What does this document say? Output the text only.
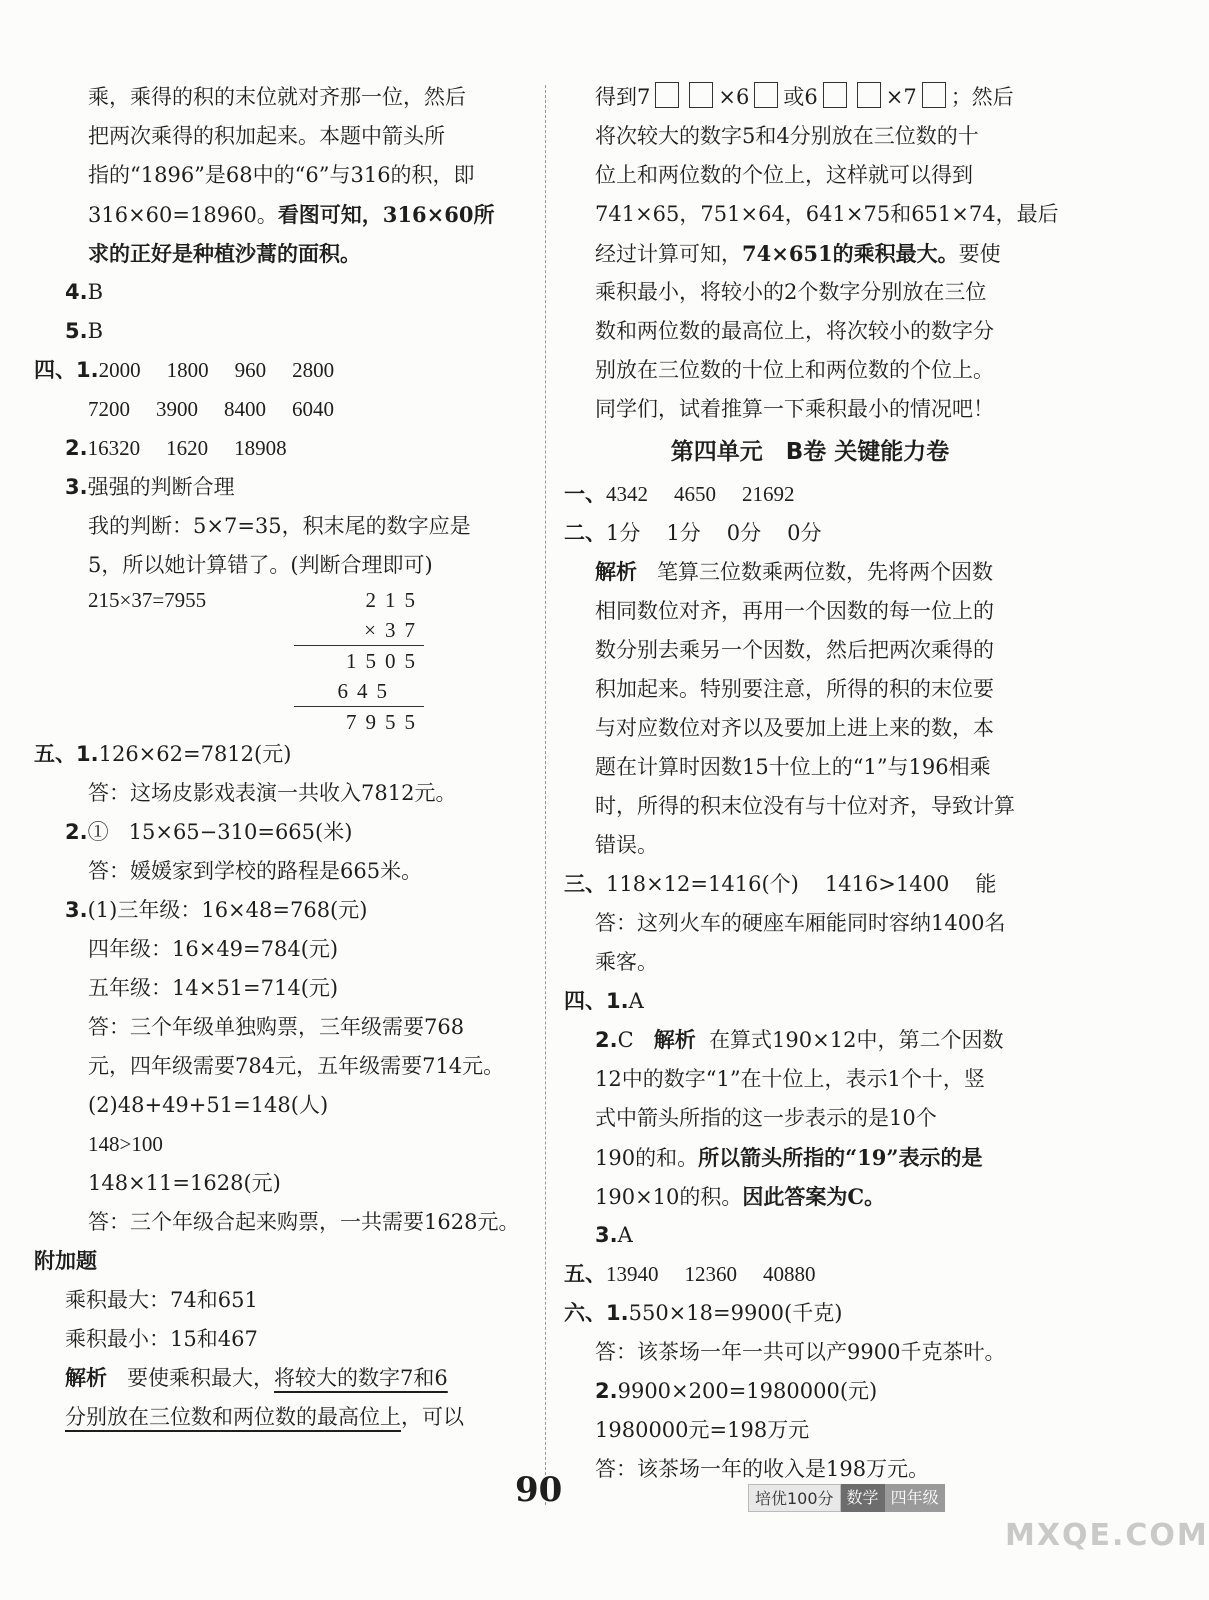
乘，乘得的积的末位就对齐那一位，然后
把两次乘得的积加起来。本题中箭头所
指的“1896”是68中的“6”与316的积，即
316×60=18960。看图可知，316×60所
求的正好是种植沙蒿的面积。
4.B
5.B
四、1.2000 1800 960 2800
7200 3900 8400 6040
2.16320 1620 18908
3.强强的判断合理
我的判断：5×7=35，积末尾的数字应是
5，所以她计算错了。(判断合理即可)
215×37=7955	215
×37
1505
645
7955
五、1.126×62=7812(元)
答：这场皮影戏表演一共收入7812元。
2.① 15×65−310=665(米)
答：媛媛家到学校的路程是665米。
3.(1)三年级：16×48=768(元)
四年级：16×49=784(元)
五年级：14×51=714(元)
答：三个年级单独购票，三年级需要768
元，四年级需要784元，五年级需要714元。
(2)48+49+51=148(人)
148>100
148×11=1628(元)
答：三个年级合起来购票，一共需要1628元。
附加题
乘积最大：74和651
乘积最小：15和467
解析 要使乘积最大，将较大的数字7和6
分别放在三位数和两位数的最高位上，可以
得到7	×6 或6	×7 ；然后
将次较大的数字5和4分别放在三位数的十
位上和两位数的个位上，这样就可以得到
741×65，751×64，641×75和651×74，最后
经过计算可知，74×651的乘积最大。要使
乘积最小，将较小的2个数字分别放在三位
数和两位数的最高位上，将次较小的数字分
别放在三位数的十位上和两位数的个位上。
同学们，试着推算一下乘积最小的情况吧！
第四单元　B卷 关键能力卷
一、4342 4650 21692
二、1分 1分 0分 0分
解析 笔算三位数乘两位数，先将两个因数
相同数位对齐，再用一个因数的每一位上的
数分别去乘另一个因数，然后把两次乘得的
积加起来。特别要注意，所得的积的末位要
与对应数位对齐以及要加上进上来的数，本
题在计算时因数15十位上的“1”与196相乘
时，所得的积末位没有与十位对齐，导致计算
错误。
三、118×12=1416(个) 1416>1400 能
答：这列火车的硬座车厢能同时容纳1400名
乘客。
四、1.A
2.C 解析 在算式190×12中，第二个因数
12中的数字“1”在十位上，表示1个十，竖
式中箭头所指的这一步表示的是10个
190的和。所以箭头所指的“19”表示的是
190×10的积。因此答案为C。
3.A
五、13940 12360 40880
六、1.550×18=9900(千克)
答：该茶场一年一共可以产9900千克茶叶。
2.9900×200=1980000(元)
1980000元=198万元
答：该茶场一年的收入是198万元。
90	培优100分 数学 四年级
MXQE.COM
